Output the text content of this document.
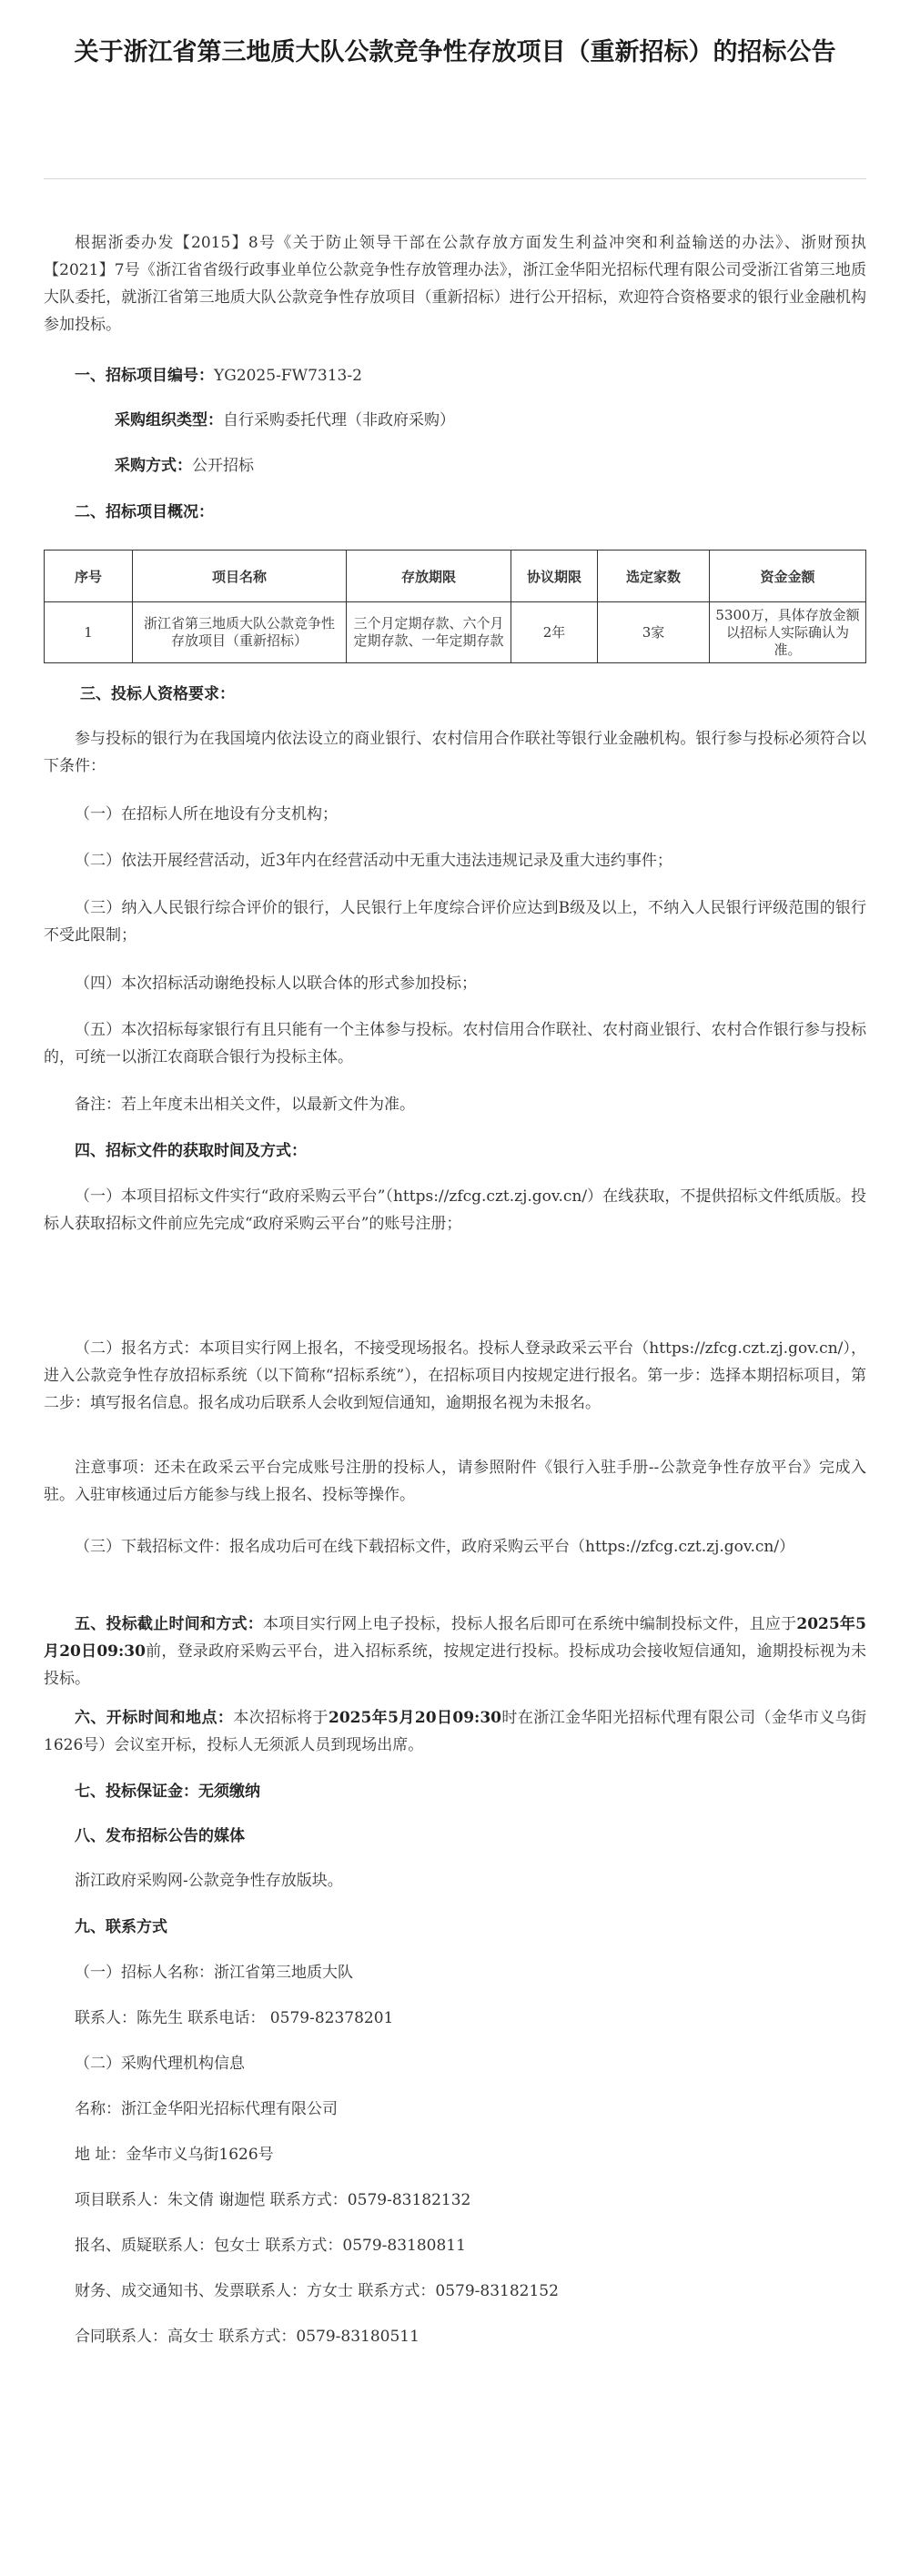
关于浙江省第三地质大队公款竞争性存放项目（重新招标）的招标公告

根据浙委办发【2015】8号《关于防止领导干部在公款存放方面发生利益冲突和利益输送的办法》、浙财预执【2021】7号《浙江省省级行政事业单位公款竞争性存放管理办法》，浙江金华阳光招标代理有限公司受浙江省第三地质大队委托，就浙江省第三地质大队公款竞争性存放项目（重新招标）进行公开招标，欢迎符合资格要求的银行业金融机构参加投标。

一、招标项目编号：YG2025-FW7313-2

采购组织类型：自行采购委托代理（非政府采购）

采购方式：公开招标

二、招标项目概况：

序号	项目名称	存放期限	协议期限	选定家数	资金金额
1	浙江省第三地质大队公款竞争性存放项目（重新招标）	三个月定期存款、六个月定期存款、一年定期存款	2年	3家	5300万，具体存放金额以招标人实际确认为准。

三、投标人资格要求：

参与投标的银行为在我国境内依法设立的商业银行、农村信用合作联社等银行业金融机构。银行参与投标必须符合以下条件：

（一）在招标人所在地设有分支机构；

（二）依法开展经营活动，近3年内在经营活动中无重大违法违规记录及重大违约事件；

（三）纳入人民银行综合评价的银行，人民银行上年度综合评价应达到B级及以上，不纳入人民银行评级范围的银行不受此限制；

（四）本次招标活动谢绝投标人以联合体的形式参加投标；

（五）本次招标每家银行有且只能有一个主体参与投标。农村信用合作联社、农村商业银行、农村合作银行参与投标的，可统一以浙江农商联合银行为投标主体。

备注：若上年度未出相关文件，以最新文件为准。

四、招标文件的获取时间及方式：

（一）本项目招标文件实行“政府采购云平台”（https://zfcg.czt.zj.gov.cn/）在线获取，不提供招标文件纸质版。投标人获取招标文件前应先完成“政府采购云平台”的账号注册；

（二）报名方式：本项目实行网上报名，不接受现场报名。投标人登录政采云平台（https://zfcg.czt.zj.gov.cn/），进入公款竞争性存放招标系统（以下简称“招标系统”），在招标项目内按规定进行报名。第一步：选择本期招标项目，第二步：填写报名信息。报名成功后联系人会收到短信通知，逾期报名视为未报名。

注意事项：还未在政采云平台完成账号注册的投标人，请参照附件《银行入驻手册--公款竞争性存放平台》完成入驻。入驻审核通过后方能参与线上报名、投标等操作。

（三）下载招标文件：报名成功后可在线下载招标文件，政府采购云平台（https://zfcg.czt.zj.gov.cn/）

五、投标截止时间和方式：本项目实行网上电子投标，投标人报名后即可在系统中编制投标文件，且应于2025年5月20日09:30前，登录政府采购云平台，进入招标系统，按规定进行投标。投标成功会接收短信通知，逾期投标视为未投标。

六、开标时间和地点：本次招标将于2025年5月20日09:30时在浙江金华阳光招标代理有限公司（金华市义乌街1626号）会议室开标，投标人无须派人员到现场出席。

七、投标保证金：无须缴纳

八、发布招标公告的媒体

浙江政府采购网-公款竞争性存放版块。

九、联系方式

（一）招标人名称：浙江省第三地质大队

联系人：陈先生 联系电话： 0579-82378201

（二）采购代理机构信息

名称：浙江金华阳光招标代理有限公司

地 址：金华市义乌街1626号

项目联系人：朱文倩 谢迦恺 联系方式：0579-83182132

报名、质疑联系人：包女士 联系方式：0579-83180811

财务、成交通知书、发票联系人：方女士 联系方式：0579-83182152

合同联系人：高女士 联系方式：0579-83180511
